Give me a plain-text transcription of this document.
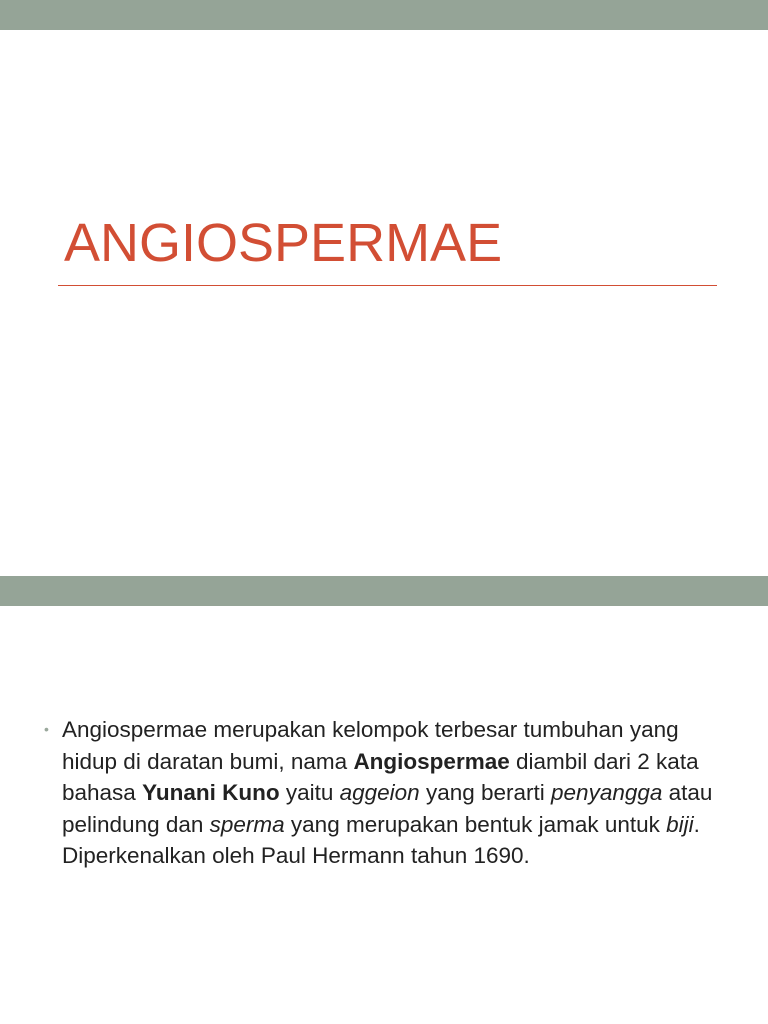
ANGIOSPERMAE
• Angiospermae merupakan kelompok terbesar tumbuhan yang hidup di daratan bumi, nama Angiospermae diambil dari 2 kata bahasa Yunani Kuno yaitu aggeion yang berarti penyangga atau pelindung dan sperma yang merupakan bentuk jamak untuk biji. Diperkenalkan oleh Paul Hermann tahun 1690.
